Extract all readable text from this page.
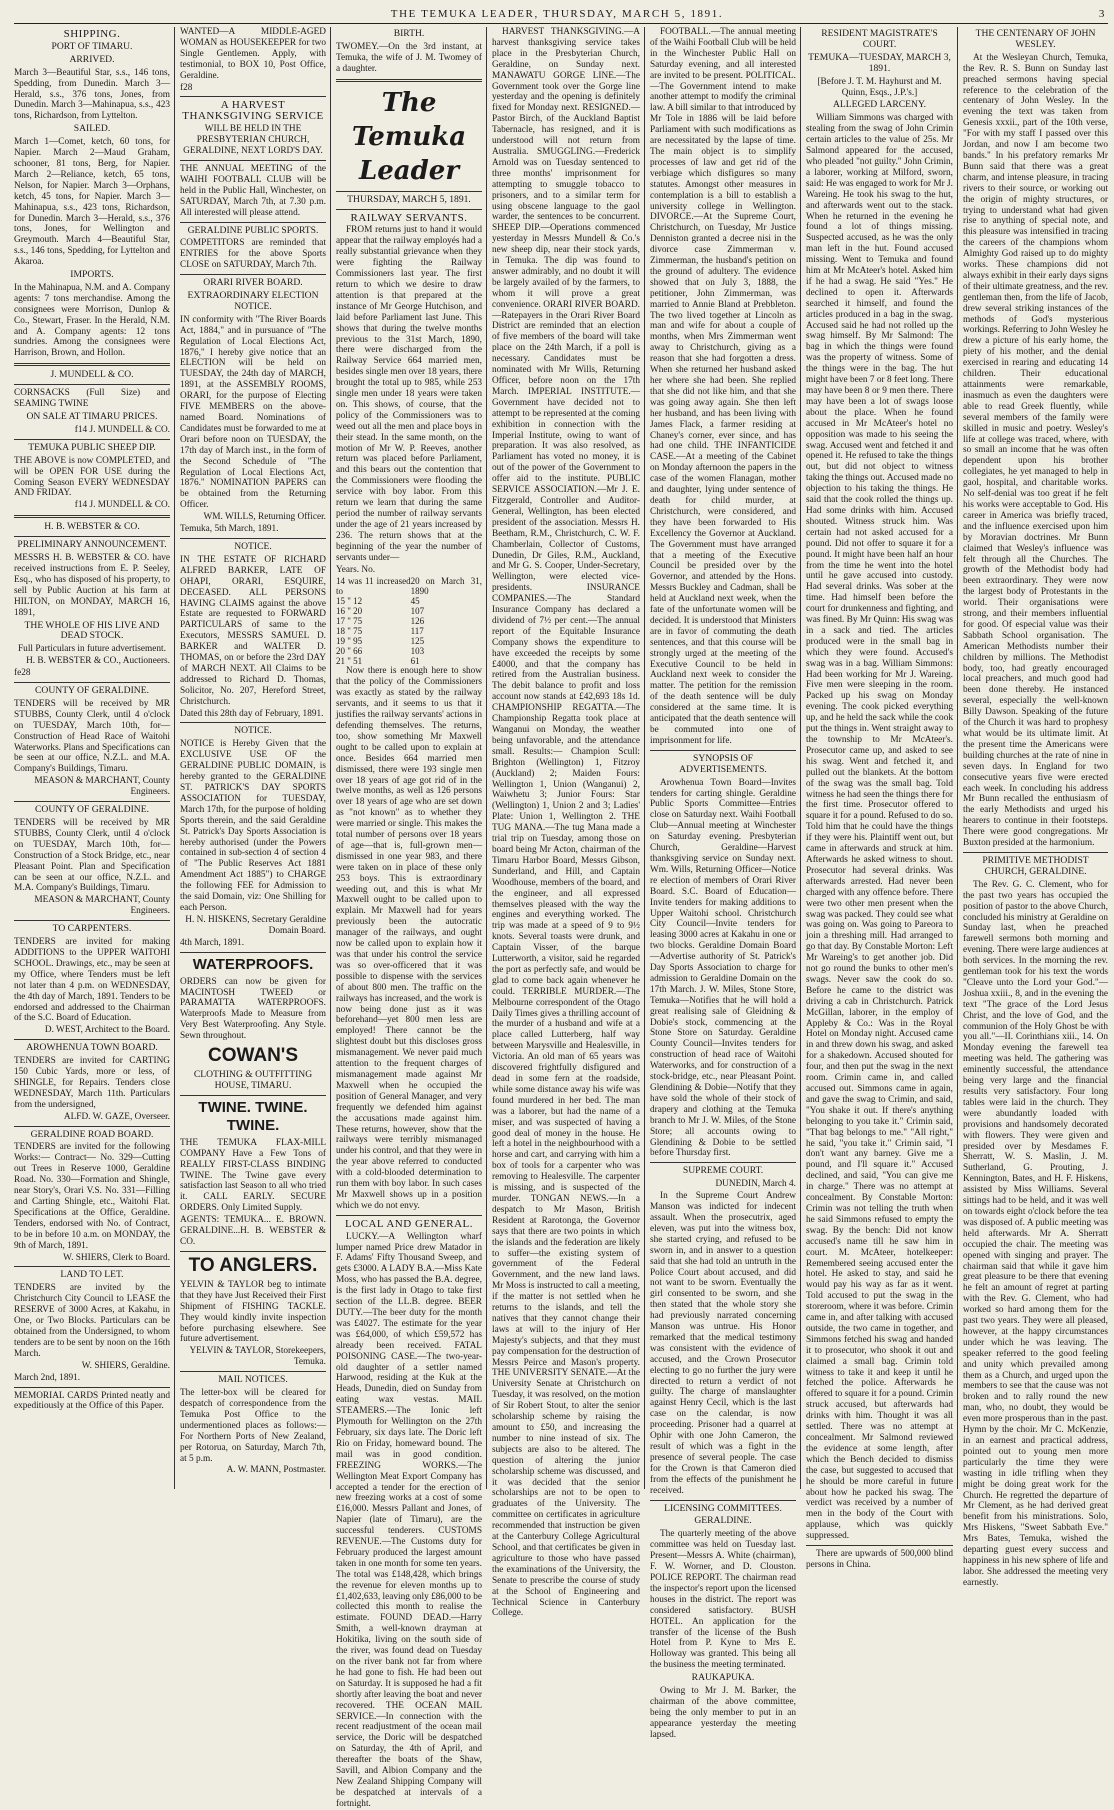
THE TEMUKA LEADER, THURSDAY, MARCH 5, 1891.	3
SHIPPING.
PORT OF TIMARU.
ARRIVED.

March 3—Beautiful Star, s.s., 146 tons, Spedding, from Dunedin. March 3—Herald, s.s., 376 tons, Jones, from Dunedin. March 3—Mahinapua, s.s., 423 tons, Richardson, from Lyttelton.

SAILED.

March 1—Comet, ketch, 60 tons, for Napier. March 2—Maud Graham, schooner, 81 tons, Berg, for Napier. March 2—Reliance, ketch, 65 tons, Nelson, for Napier. March 3—Orphans, ketch, 45 tons, for Napier. March 3—Mahinapua, s.s., 423 tons, Richardson, for Dunedin. March 3—Herald, s.s., 376 tons, Jones, for Wellington and Greymouth. March 4—Beautiful Star, s.s., 146 tons, Spedding, for Lyttelton and Akaroa.

IMPORTS.

In the Mahinapua, N.M. and A. Company agents: 7 tons merchandise. Among the consignees were Morrison, Dunlop & Co., Stewart, Fraser. In the Herald, N.M. and A. Company agents: 12 tons sundries. Among the consignees were Harrison, Brown, and Hollon.

J. MUNDELL & CO.

CORNSACKS (Full Size) and SEAMING TWINE

ON SALE AT TIMARU PRICES.

f14 J. MUNDELL & CO.

TEMUKA PUBLIC SHEEP DIP.

THE ABOVE is now COMPLETED, and will be OPEN FOR USE during the Coming Season EVERY WEDNESDAY AND FRIDAY.

f14 J. MUNDELL & CO.

H. B. WEBSTER & CO.
PRELIMINARY ANNOUNCEMENT.

MESSRS H. B. WEBSTER & CO. have received instructions from E. P. Seeley, Esq., who has disposed of his property, to sell by Public Auction at his farm at HILTON, on MONDAY, MARCH 16, 1891,

THE WHOLE OF HIS LIVE AND DEAD STOCK.

Full Particulars in future advertisement.

H. B. WEBSTER & CO., Auctioneers.

fe28

COUNTY OF GERALDINE.

TENDERS will be received by MR STUBBS, County Clerk, until 4 o'clock on TUESDAY, March 10th, for— Construction of Head Race of Waitohi Waterworks. Plans and Specifications can be seen at our office, N.Z.L. and M.A. Company's Buildings, Timaru.

MEASON & MARCHANT, County Engineers.

COUNTY OF GERALDINE.

TENDERS will be received by MR STUBBS, County Clerk, until 4 o'clock on TUESDAY, March 10th, for— Construction of a Stock Bridge, etc., near Pleasant Point. Plan and Specification can be seen at our office, N.Z.L. and M.A. Company's Buildings, Timaru.

MEASON & MARCHANT, County Engineers.

TO CARPENTERS.

TENDERS are invited for making ADDITIONS to the UPPER WAITOHI SCHOOL. Drawings, etc., may be seen at my Office, where Tenders must be left not later than 4 p.m. on WEDNESDAY, the 4th day of March, 1891. Tenders to be endorsed and addressed to the Chairman of the S.C. Board of Education.

D. WEST, Architect to the Board.

AROWHENUA TOWN BOARD.

TENDERS are invited for CARTING 150 Cubic Yards, more or less, of SHINGLE, for Repairs. Tenders close WEDNESDAY, March 11th. Particulars from the undersigned,

ALFD. W. GAZE, Overseer.

GERALDINE ROAD BOARD.

TENDERS are invited for the following Works:— Contract— No. 329—Cutting out Trees in Reserve 1000, Geraldine Road. No. 330—Formation and Shingle, near Story's, Orari V.S. No. 331—Filling and Carting Shingle, etc., Waitohi Flat. Specifications at the Office, Geraldine. Tenders, endorsed with No. of Contract, to be in before 10 a.m. on MONDAY, the 9th of March, 1891.

W. SHIERS, Clerk to Board.

LAND TO LET.

TENDERS are invited by the Christchurch City Council to LEASE the RESERVE of 3000 Acres, at Kakahu, in One, or Two Blocks. Particulars can be obtained from the Undersigned, to whom tenders are to be sent by noon on the 16th March.

W. SHIERS, Geraldine.

March 2nd, 1891.

MEMORIAL CARDS Printed neatly and expeditiously at the Office of this Paper.

WANTED—A MIDDLE-AGED WOMAN as HOUSEKEEPER for two Single Gentlemen. Apply, with testimonial, to BOX 10, Post Office, Geraldine.

f28

A HARVEST THANKSGIVING SERVICE

WILL BE HELD IN THE PRESBYTERIAN CHURCH, GERALDINE, NEXT LORD'S DAY.

THE ANNUAL MEETING of the WAIHI FOOTBALL CLUB will be held in the Public Hall, Winchester, on SATURDAY, March 7th, at 7.30 p.m. All interested will please attend.

GERALDINE PUBLIC SPORTS.

COMPETITORS are reminded that ENTRIES for the above Sports CLOSE on SATURDAY, March 7th.

ORARI RIVER BOARD.
EXTRAORDINARY ELECTION NOTICE.

IN conformity with "The River Boards Act, 1884," and in pursuance of "The Regulation of Local Elections Act, 1876," I hereby give notice that an ELECTION will be held on TUESDAY, the 24th day of MARCH, 1891, at the ASSEMBLY ROOMS, ORARI, for the purpose of Electing FIVE MEMBERS on the above-named Board. Nominations of Candidates must be forwarded to me at Orari before noon on TUESDAY, the 17th day of March inst., in the form of the Second Schedule of "The Regulation of Local Elections Act, 1876." NOMINATION PAPERS can be obtained from the Returning Officer.

WM. WILLS, Returning Officer.

Temuka, 5th March, 1891.

NOTICE.

IN THE ESTATE OF RICHARD ALFRED BARKER, LATE OF OHAPI, ORARI, ESQUIRE, DECEASED. ALL PERSONS HAVING CLAIMS against the above Estate are requested to FORWARD PARTICULARS of same to the Executors, MESSRS SAMUEL D. BARKER and WALTER D. THOMAS, on or before the 23rd DAY of MARCH NEXT. All Claims to be addressed to Richard D. Thomas, Solicitor, No. 207, Hereford Street, Christchurch.

Dated this 28th day of February, 1891.

NOTICE.

NOTICE is Hereby Given that the EXCLUSIVE USE OF the GERALDINE PUBLIC DOMAIN, is hereby granted to the GERALDINE ST. PATRICK'S DAY SPORTS ASSOCIATION for TUESDAY, March 17th, for the purpose of holding Sports therein, and the said Geraldine St. Patrick's Day Sports Association is hereby authorised (under the Powers contained in sub-section 4 of section 4 of "The Public Reserves Act 1881 Amendment Act 1885") to CHARGE the following FEE for Admission to the said Domain, viz: One Shilling for each Person.

H. N. HISKENS, Secretary Geraldine Domain Board.

4th March, 1891.

WATERPROOFS.

ORDERS can now be given for MACINTOSH TWEED or PARAMATTA WATERPROOFS. Waterproofs Made to Measure from Very Best Waterproofing. Any Style. Sewn throughout.

COWAN'S
CLOTHING & OUTFITTING HOUSE, TIMARU.
TWINE. TWINE. TWINE.

THE TEMUKA FLAX-MILL COMPANY Have a Few Tons of REALLY FIRST-CLASS BINDING TWINE. The Twine gave every satisfaction last Season to all who tried it. CALL EARLY. SECURE ORDERS. Only Limited Supply.

AGENTS: TEMUKA... E. BROWN. GERALDINE...H. B. WEBSTER & CO.

TO ANGLERS.

YELVIN & TAYLOR beg to intimate that they have Just Received their First Shipment of FISHING TACKLE. They would kindly invite inspection before purchasing elsewhere. See future advertisement.

YELVIN & TAYLOR, Storekeepers, Temuka.

MAIL NOTICES.

The letter-box will be cleared for despatch of correspondence from the Temuka Post Office to the undermentioned places as follows:— For Northern Ports of New Zealand, per Rotorua, on Saturday, March 7th, at 5 p.m.

A. W. MANN, Postmaster.

BIRTH.

TWOMEY.—On the 3rd instant, at Temuka, the wife of J. M. Twomey of a daughter.

The Temuka Leader
THURSDAY, MARCH 5, 1891.
RAILWAY SERVANTS.

FROM returns just to hand it would appear that the railway employés had a really substantial grievance when they were fighting the Railway Commissioners last year. The first return to which we desire to draw attention is that prepared at the instance of Mr George Hutchison, and laid before Parliament last June. This shows that during the twelve months previous to the 31st March, 1890, there were discharged from the Railway Service 664 married men, besides single men over 18 years, there brought the total up to 985, while 253 single men under 18 years were taken on. This shows, of course, that the policy of the Commissioners was to weed out all the men and place boys in their stead. In the same month, on the motion of Mr W. P. Reeves, another return was placed before Parliament, and this bears out the contention that the Commissioners were flooding the service with boy labor. From this return we learn that during the same period the number of railway servants under the age of 21 years increased by 236. The return shows that at the beginning of the year the number of servants under—

Years. No.

14 was 11 increased to	20 on March 31, 1890
15 " 12	45
16 " 20	107
17 " 75	126
18 " 75	117
19 " 95	125
20 " 66	103
21 " 51	61

Now there is enough here to show that the policy of the Commissioners was exactly as stated by the railway servants, and it seems to us that it justifies the railway servants' actions in defending themselves. The returns, too, show something Mr Maxwell ought to be called upon to explain at once. Besides 664 married men dismissed, there were 193 single men over 18 years of age got rid of in the twelve months, as well as 126 persons over 18 years of age who are set down as "not known" as to whether they were married or single. This makes the total number of persons over 18 years of age—that is, full-grown men—dismissed in one year 983, and there were taken on in place of these only 253 boys. This is extraordinary weeding out, and this is what Mr Maxwell ought to be called upon to explain. Mr Maxwell had for years previously been the autocratic manager of the railways, and ought now be called upon to explain how it was that under his control the service was so over-officered that it was possible to dispense with the services of about 800 men. The traffic on the railways has increased, and the work is now being done just as it was beforehand—yet 800 men less are employed! There cannot be the slightest doubt but this discloses gross mismanagement. We never paid much attention to the frequent charges of mismanagement made against Mr Maxwell when he occupied the position of General Manager, and very frequently we defended him against the accusations made against him. These returns, however, show that the railways were terribly mismanaged under his control, and that they were in the year above referred to conducted with a cold-blooded determination to run them with boy labor. In such cases Mr Maxwell shows up in a position which we do not envy.

LOCAL AND GENERAL.

LUCKY.—A Wellington wharf lumper named Price drew Matador in F. Adams' Fifty Thousand Sweep, and gets £3000. A LADY B.A.—Miss Kate Moss, who has passed the B.A. degree, is the first lady in Otago to take first section of the LL.B. degree. BEER DUTY.—The beer duty for the month was £4027. The estimate for the year was £64,000, of which £59,572 has already been received. FATAL POISONING CASE.—The two-year-old daughter of a settler named Harwood, residing at the Kuk at the Heads, Dunedin, died on Sunday from eating wax vestas. MAIL STEAMERS.—The Ionic left Plymouth for Wellington on the 27th February, six days late. The Doric left Rio on Friday, homeward bound. The mail was in good condition. FREEZING WORKS.—The Wellington Meat Export Company has accepted a tender for the erection of new freezing works at a cost of some £16,000. Messrs Pallant and Jones, of Napier (late of Timaru), are the successful tenderers. CUSTOMS REVENUE.—The Customs duty for February produced the largest amount taken in one month for some ten years. The total was £148,428, which brings the revenue for eleven months up to £1,402,633, leaving only £86,000 to be collected this month to realise the estimate. FOUND DEAD.—Harry Smith, a well-known drayman at Hokitika, living on the south side of the river, was found dead on Tuesday on the river bank not far from where he had gone to fish. He had been out on Saturday. It is supposed he had a fit shortly after leaving the boat and never recovered. THE OCEAN MAIL SERVICE.—In connection with the recent readjustment of the ocean mail service, the Doric will be despatched on Saturday, the 4th of April, and thereafter the boats of the Shaw, Savill, and Albion Company and the New Zealand Shipping Company will be despatched at intervals of a fortnight.

HARVEST THANKSGIVING.—A harvest thanksgiving service takes place in the Presbyterian Church, Geraldine, on Sunday next. MANAWATU GORGE LINE.—The Government took over the Gorge line yesterday and the opening is definitely fixed for Monday next. RESIGNED.—Pastor Birch, of the Auckland Baptist Tabernacle, has resigned, and it is understood will not return from Australia. SMUGGLING.—Frederick Arnold was on Tuesday sentenced to three months' imprisonment for attempting to smuggle tobacco to prisoners, and to a similar term for using obscene language to the gaol warder, the sentences to be concurrent. SHEEP DIP.—Operations commenced yesterday in Messrs Mundell & Co.'s new sheep dip, near their stock yards, in Temuka. The dip was found to answer admirably, and no doubt it will be largely availed of by the farmers, to whom it will prove a great convenience. ORARI RIVER BOARD.—Ratepayers in the Orari River Board District are reminded that an election of five members of the board will take place on the 24th March, if a poll is necessary. Candidates must be nominated with Mr Wills, Returning Officer, before noon on the 17th March. IMPERIAL INSTITUTE.—Government have decided not to attempt to be represented at the coming exhibition in connection with the Imperial Institute, owing to want of preparation. It was also resolved, as Parliament has voted no money, it is out of the power of the Government to offer aid to the institute. PUBLIC SERVICE ASSOCIATION.—Mr J. E. Fitzgerald, Controller and Auditor-General, Wellington, has been elected president of the association. Messrs H. Beetham, R.M., Christchurch, C. W. F. Chamberlain, Collector of Customs, Dunedin, Dr Giles, R.M., Auckland, and Mr G. S. Cooper, Under-Secretary, Wellington, were elected vice-presidents. INSURANCE COMPANIES.—The Standard Insurance Company has declared a dividend of 7½ per cent.—The annual report of the Equitable Insurance Company shows the expenditure to have exceeded the receipts by some £4000, and that the company has retired from the Australian business. The debit balance to profit and loss account now stands at £42,693 18s 1d. CHAMPIONSHIP REGATTA.—The Championship Regatta took place at Wanganui on Monday, the weather being unfavorable, and the attendance small. Results:— Champion Scull: Brighton (Wellington) 1, Fitzroy (Auckland) 2; Maiden Fours: Wellington 1, Union (Wanganui) 2, Waiwhetu 3; Junior Fours: Star (Wellington) 1, Union 2 and 3; Ladies' Plate: Union 1, Wellington 2. THE TUG MANA.—The tug Mana made a trial trip on Tuesday, among those on board being Mr Acton, chairman of the Timaru Harbor Board, Messrs Gibson, Sunderland, and Hill, and Captain Woodhouse, members of the board, and the engineer, and all expressed themselves pleased with the way the engines and everything worked. The trip was made at a speed of 9 to 9½ knots. Several toasts were drunk, and Captain Visser, of the barque Lutterworth, a visitor, said he regarded the port as perfectly safe, and would be glad to come back again whenever he could. TERRIBLE MURDER.—The Melbourne correspondent of the Otago Daily Times gives a thrilling account of the murder of a husband and wife at a place called Lutterberg, half way between Marysville and Healesville, in Victoria. An old man of 65 years was discovered frightfully disfigured and dead in some fern at the roadside, while some distance away his wife was found murdered in her bed. The man was a laborer, but had the name of a miser, and was suspected of having a good deal of money in the house. He left a hotel in the neighbourhood with a horse and cart, and carrying with him a box of tools for a carpenter who was removing to Healesville. The carpenter is missing, and is suspected of the murder. TONGAN NEWS.—In a despatch to Mr Mason, British Resident at Rarotonga, the Governor says that there are two points in which the islands and the federation are likely to suffer—the existing system of government of the Federal Government, and the new land laws. Mr Moss is instructed to call a meeting, if the matter is not settled when he returns to the islands, and tell the natives that they cannot change their laws at will to the injury of Her Majesty's subjects, and that they must pay compensation for the destruction of Messrs Peirce and Mason's property. THE UNIVERSITY SENATE.—At the University Senate at Christchurch on Tuesday, it was resolved, on the motion of Sir Robert Stout, to alter the senior scholarship scheme by raising the amount to £50, and increasing the number to nine instead of six. The subjects are also to be altered. The question of altering the junior scholarship scheme was discussed, and it was decided that the senior scholarships are not to be open to graduates of the University. The committee on certificates in agriculture recommended that instruction be given at the Canterbury College Agricultural School, and that certificates be given in agriculture to those who have passed the examinations of the University, the Senate to prescribe the course of study at the School of Engineering and Technical Science in Canterbury College.

FOOTBALL.—The annual meeting of the Waihi Football Club will be held in the Winchester Public Hall on Saturday evening, and all interested are invited to be present. POLITICAL.—The Government intend to make another attempt to modify the criminal law. A bill similar to that introduced by Mr Tole in 1886 will be laid before Parliament with such modifications as are necessitated by the lapse of time. The main object is to simplify processes of law and get rid of the verbiage which disfigures so many statutes. Amongst other measures in contemplation is a bill to establish a university college in Wellington. DIVORCE.—At the Supreme Court, Christchurch, on Tuesday, Mr Justice Denniston granted a decree nisi in the divorce case Zimmerman v. Zimmerman, the husband's petition on the ground of adultery. The evidence showed that on July 3, 1888, the petitioner, John Zimmerman, was married to Annie Bland at Prebbleton. The two lived together at Lincoln as man and wife for about a couple of months, when Mrs Zimmerman went away to Christchurch, giving as a reason that she had forgotten a dress. When she returned her husband asked her where she had been. She replied that she did not like him, and that she was going away again. She then left her husband, and has been living with James Flack, a farmer residing at Chaney's corner, ever since, and has had one child. THE INFANTICIDE CASE.—At a meeting of the Cabinet on Monday afternoon the papers in the case of the women Flanagan, mother and daughter, lying under sentence of death for child murder, at Christchurch, were considered, and they have been forwarded to His Excellency the Governor at Auckland. The Government must have arranged that a meeting of the Executive Council be presided over by the Governor, and attended by the Hons. Messrs Buckley and Cadman, shall be held at Auckland next week, when the fate of the unfortunate women will be decided. It is understood that Ministers are in favor of commuting the death sentences, and that this course will be strongly urged at the meeting of the Executive Council to be held in Auckland next week to consider the matter. The petition for the remission of the death sentence will be duly considered at the same time. It is anticipated that the death sentence will be commuted into one of imprisonment for life.

SYNOPSIS OF ADVERTISEMENTS.

Arowhenua Town Board—Invites tenders for carting shingle. Geraldine Public Sports Committee—Entries close on Saturday next. Waihi Football Club—Annual meeting at Winchester on Saturday evening. Presbyterian Church, Geraldine—Harvest thanksgiving service on Sunday next. Wm. Wills, Returning Officer—Notice re election of members of Orari River Board. S.C. Board of Education—Invite tenders for making additions to Upper Waitohi school. Christchurch City Council—Invite tenders for leasing 3000 acres at Kakahu in one or two blocks. Geraldine Domain Board—Advertise authority of St. Patrick's Day Sports Association to charge for admission to Geraldine Domain on the 17th March. J. W. Miles, Stone Store, Temuka—Notifies that he will hold a great realising sale of Gleidning & Dobie's stock, commencing at the Stone Store on Saturday. Geraldine County Council—Invites tenders for construction of head race of Waitohi Waterworks, and for construction of a stock-bridge, etc., near Pleasant Point. Glendining & Dobie—Notify that they have sold the whole of their stock of drapery and clothing at the Temuka branch to Mr J. W. Miles, of the Stone Store; all accounts owing to Glendining & Dobie to be settled before Thursday first.

SUPREME COURT.

DUNEDIN, March 4.

In the Supreme Court Andrew Manson was indicted for indecent assault. When the prosecutrix, aged eleven, was put into the witness box, she started crying, and refused to be sworn in, and in answer to a question said that she had told an untruth in the Police Court about accused, and did not want to be sworn. Eventually the girl consented to be sworn, and she then stated that the whole story she had previously narrated concerning Manson was untrue. His Honor remarked that the medical testimony was consistent with the evidence of accused, and the Crown Prosecutor electing to go no further the jury were directed to return a verdict of not guilty. The charge of manslaughter against Henry Cecil, which is the last case on the calendar, is now proceeding. Prisoner had a quarrel at Ophir with one John Cameron, the result of which was a fight in the presence of several people. The case for the Crown is that Cameron died from the effects of the punishment he received.

LICENSING COMMITTEES.
GERALDINE.

The quarterly meeting of the above committee was held on Tuesday last. Present—Messrs A. White (chairman), F. W. Worner, and D. Clouston. POLICE REPORT. The chairman read the inspector's report upon the licensed houses in the district. The report was considered satisfactory. BUSH HOTEL. An application for the transfer of the license of the Bush Hotel from P. Kyne to Mrs E. Holloway was granted. This being all the business the meeting terminated.

RAUKAPUKA.

Owing to Mr J. M. Barker, the chairman of the above committee, being the only member to put in an appearance yesterday the meeting lapsed.

RESIDENT MAGISTRATE'S COURT.
TEMUKA—TUESDAY, MARCH 3, 1891.

[Before J. T. M. Hayhurst and M. Quinn, Esqs., J.P.'s.]

ALLEGED LARCENY.

William Simmons was charged with stealing from the swag of John Crimin certain articles to the value of 25s. Mr Salmond appeared for the accused, who pleaded "not guilty." John Crimin, a laborer, working at Milford, sworn, said: He was engaged to work for Mr J. Wareing. He took his swag to the hut, and afterwards went out to the stack. When he returned in the evening he found a lot of things missing. Suspected accused, as he was the only man left in the hut. Found accused missing. Went to Temuka and found him at Mr McAteer's hotel. Asked him if he had a swag. He said "Yes." He declined to open it. Afterwards searched it himself, and found the articles produced in a bag in the swag. Accused said he had not rolled up the swag himself. By Mr Salmond: The bag in which the things were found was the property of witness. Some of the things were in the bag. The hut might have been 7 or 8 feet long. There may have been 8 or 9 men there. There may have been a lot of swags loose about the place. When he found accused in Mr McAteer's hotel no opposition was made to his seeing the swag. Accused went and fetched it and opened it. He refused to take the things out, but did not object to witness taking the things out. Accused made no objection to his taking the things. He said that the cook rolled the things up. Had some drinks with him. Accused shouted. Witness struck him. Was certain had not asked accused for a pound. Did not offer to square it for a pound. It might have been half an hour from the time he went into the hotel until he gave accused into custody. Had several drinks. Was sober at the time. Had himself been before the court for drunkenness and fighting, and was fined. By Mr Quinn: His swag was in a sack and tied. The articles produced were in the small bag in which they were found. Accused's swag was in a bag. William Simmons: Had been working for Mr J. Wareing. Five men were sleeping in the room. Packed up his swag on Monday evening. The cook picked everything up, and he held the sack while the cook put the things in. Went straight away to the township to Mr McAteer's. Prosecutor came up, and asked to see his swag. Went and fetched it, and pulled out the blankets. At the bottom of the swag was the small bag. Told witness he had seen the things there for the first time. Prosecutor offered to square it for a pound. Refused to do so. Told him that he could have the things if they were his. Plaintiff went out, but came in afterwards and struck at him. Afterwards he asked witness to shout. Prosecutor had several drinks. Was afterwards arrested. Had never been charged with any offence before. There were two other men present when the swag was packed. They could see what was going on. Was going to Pareora to join a threshing mill. Had arranged to go that day. By Constable Morton: Left Mr Wareing's to get another job. Did not go round the bunks to other men's swags. Never saw the cook do so. Before he came to the district was driving a cab in Christchurch. Patrick McGillan, laborer, in the employ of Appleby & Co.: Was in the Royal Hotel on Monday night. Accused came in and threw down his swag, and asked for a shakedown. Accused shouted for four, and then put the swag in the next room. Crimin came in, and called accused out. Simmons came in again, and gave the swag to Crimin, and said, "You shake it out. If there's anything belonging to you take it." Crimin said, "That bag belongs to me." "All right," he said, "you take it." Crimin said, "I don't want any barney. Give me a pound, and I'll square it." Accused declined, and said, "You can give me in charge." There was no attempt at concealment. By Constable Morton: Crimin was not telling the truth when he said Simmons refused to empty the swag. By the bench: Did not know accused's name till he saw him in court. M. McAteer, hotelkeeper: Remembered seeing accused enter the hotel. He asked to stay, and said he would pay his way as far as it went. Told accused to put the swag in the storeroom, where it was before. Crimin came in, and after talking with accused outside, the two came in together, and Simmons fetched his swag and handed it to prosecutor, who shook it out and claimed a small bag. Crimin told witness to take it and keep it until he fetched the police. Afterwards he offered to square it for a pound. Crimin struck accused, but afterwards had drinks with him. Thought it was all settled. There was no attempt at concealment. Mr Salmond reviewed the evidence at some length, after which the Bench decided to dismiss the case, but suggested to accused that he should be more careful in future about how he packed his swag. The verdict was received by a number of men in the body of the Court with applause, which was quickly suppressed.

There are upwards of 500,000 blind persons in China.

THE CENTENARY OF JOHN WESLEY.

At the Wesleyan Church, Temuka, the Rev. R. S. Bunn on Sunday last preached sermons having special reference to the celebration of the centenary of John Wesley. In the evening the text was taken from Genesis xxxii., part of the 10th verse, "For with my staff I passed over this Jordan, and now I am become two bands." In his prefatory remarks Mr Bunn said that there was a great charm, and intense pleasure, in tracing rivers to their source, or working out the origin of mighty structures, or trying to understand what had given rise to anything of special note, and this pleasure was intensified in tracing the careers of the champions whom Almighty God raised up to do mighty works. These champions did not always exhibit in their early days signs of their ultimate greatness, and the rev. gentleman then, from the life of Jacob, drew several striking instances of the methods of God's mysterious workings. Referring to John Wesley he drew a picture of his early home, the piety of his mother, and the denial exercised in rearing and educating 14 children. Their educational attainments were remarkable, inasmuch as even the daughters were able to read Greek fluently, while several members of the family were skilled in music and poetry. Wesley's life at college was traced, where, with so small an income that he was often dependent upon his brother collegiates, he yet managed to help in gaol, hospital, and charitable works. No self-denial was too great if he felt his works were acceptable to God. His career in America was briefly traced, and the influence exercised upon him by Moravian doctrines. Mr Bunn claimed that Wesley's influence was felt through all the Churches. The growth of the Methodist body had been extraordinary. They were now the largest body of Protestants in the world. Their organisations were strong, and their members influential for good. Of especial value was their Sabbath School organisation. The American Methodists number their children by millions. The Methodist body, too, had greatly encouraged local preachers, and much good had been done thereby. He instanced several, especially the well-known Billy Dawson. Speaking of the future of the Church it was hard to prophesy what would be its ultimate limit. At the present time the Americans were building churches at the rate of nine in seven days. In England for two consecutive years five were erected each week. In concluding his address Mr Bunn recalled the enthusiasm of the early Methodists and urged his hearers to continue in their footsteps. There were good congregations. Mr Buxton presided at the harmonium.

PRIMITIVE METHODIST CHURCH, GERALDINE.

The Rev. G. C. Clement, who for the past two years has occupied the position of pastor to the above Church, concluded his ministry at Geraldine on Sunday last, when he preached farewell sermons both morning and evening. There were large audiences at both services. In the morning the rev. gentleman took for his text the words "Cleave unto the Lord your God."—Joshua xxiii., 8, and in the evening the text "The grace of the Lord Jesus Christ, and the love of God, and the communion of the Holy Ghost be with you all."—II. Corinthians xiii., 14. On Monday evening the farewell tea meeting was held. The gathering was eminently successful, the attendance being very large and the financial results very satisfactory. Four long tables were laid in the church. They were abundantly loaded with provisions and handsomely decorated with flowers. They were given and presided over by Mesdames F. Sherratt, W. S. Maslin, J. M. Sutherland, G. Prouting, J. Kennington, Bates, and H. F. Hiskens, assisted by Miss Williams. Several sittings had to be held, and it was well on towards eight o'clock before the tea was disposed of. A public meeting was held afterwards. Mr A. Sherratt occupied the chair. The meeting was opened with singing and prayer. The chairman said that while it gave him great pleasure to be there that evening he felt an amount of regret at parting with the Rev. G. Clement, who had worked so hard among them for the past two years. They were all pleased, however, at the happy circumstances under which he was leaving. The speaker referred to the good feeling and unity which prevailed among them as a Church, and urged upon the members to see that the cause was not broken and to rally round the new man, who, no doubt, they would be even more prosperous than in the past. Hymn by the choir. Mr C. McKenzie, in an earnest and practical address, pointed out to young men more particularly the time they were wasting in idle trifling when they might be doing great work for the Church. He regretted the departure of Mr Clement, as he had derived great benefit from his ministrations. Solo, Mrs Hiskens, "Sweet Sabbath Eve." Mrs Bates, Temuka, wished the departing guest every success and happiness in his new sphere of life and labor. She addressed the meeting very earnestly.
